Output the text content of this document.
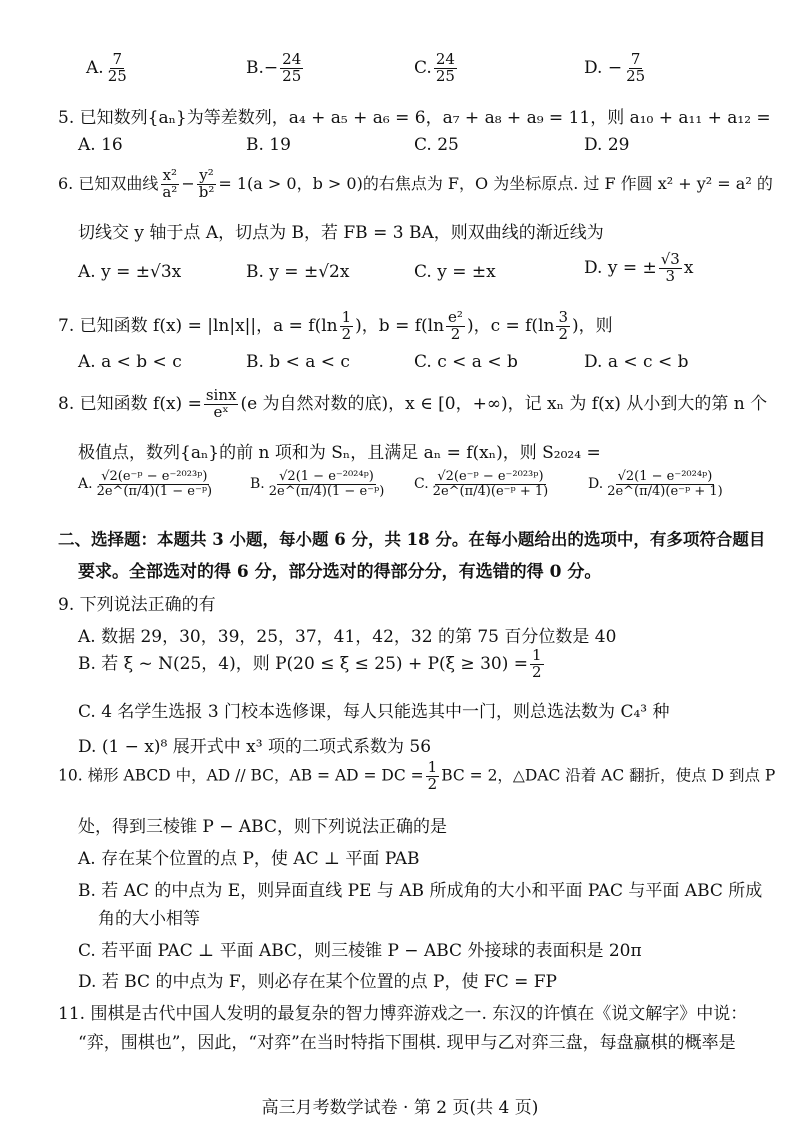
A. $\frac{7}{25}$	$B.- \frac{24}{25}$	C. $\frac{24}{25}$	D. − $\frac{7}{25}$
5. 已知数列{aₙ}为等差数列，a₄ + a₅ + a₆ = 6，a₇ + a₈ + a₉ = 11，则 a₁₀ + a₁₁ + a₁₂ =
A. 16	B. 19	C. 25	D. 29
6. 已知双曲线 $\frac{\text{x²}}{\text{a²}} - \frac{\text{y²}}{\text{b²}} = 1(a > 0$，b > 0)的右焦点为 F，O 为坐标原点. 过 F 作圆 x² + y² = a² 的
切线交 y 轴于点 A，切点为 B，若 FB = 3 BA，则双曲线的渐近线为
A. y = ±√3x	B. y = ±√2x	C. y = ±x	D. y = ± $\frac{√3}{3}$ x
7. 已知函数 f(x) = |ln|x||，$a = f(\ln \frac{1}{2}$ )，$b = f(\ln \frac{\text{e²}}{2}$ )，$c = f(\ln \frac{3}{2}$ )，则
A. a < b < c	B. b < a < c	C. c < a < b	D. a < c < b
8. 已知函数 $f(x) = \frac{\sin x}{\text{eˣ}} (e$ 为自然对数的底)，x ∈ [0，+∞)，记 xₙ 为 f(x) 从小到大的第 n 个
极值点，数列{aₙ}的前 n 项和为 Sₙ，且满足 aₙ = f(xₙ)，则 S₂₀₂₄ =
A. $\frac{\text{√2(e⁻ᵖ − e⁻²⁰²³ᵖ)}}{\text{2e\textasciicircum{}(π/4)(1 − e⁻ᵖ)}}$	B. $\frac{\text{√2(1 − e⁻²⁰²⁴ᵖ)}}{\text{2e\textasciicircum{}(π/4)(1 − e⁻ᵖ)}} C$. $\frac{\text{√2(e⁻ᵖ − e⁻²⁰²³ᵖ)}}{\text{2e\textasciicircum{}(π/4)(e⁻ᵖ + 1)}}$	D. $\frac{\text{√2(1 − e⁻²⁰²⁴ᵖ)}}{\text{2e\textasciicircum{}(π/4)(e⁻ᵖ + 1)}}$
二、选择题：本题共 3 小题，每小题 6 分，共 18 分。在每小题给出的选项中，有多项符合题目
要求。全部选对的得 6 分，部分选对的得部分分，有选错的得 0 分。
9. 下列说法正确的有
A. 数据 29，30，39，25，37，41，42，32 的第 75 百分位数是 40
B. 若 ξ ~ N(25，4)，则 $P(20 \le \xi \le 25) + P(\xi \ge 30) = \frac{1}{2}$
C. 4 名学生选报 3 门校本选修课，每人只能选其中一门，则总选法数为 C₄³ 种
D. (1 − x)⁸ 展开式中 x³ 项的二项式系数为 56
10. 梯形 ABCD 中，AD // BC，AB = AD = DC = $\frac{1}{2}$ BC = 2，△DAC 沿着 AC 翻折，使点 D 到点 P
处，得到三棱锥 P − ABC，则下列说法正确的是
A. 存在某个位置的点 P，使 AC ⊥ 平面 PAB
B. 若 AC 的中点为 E，则异面直线 PE 与 AB 所成角的大小和平面 PAC 与平面 ABC 所成
角的大小相等
C. 若平面 PAC ⊥ 平面 ABC，则三棱锥 P − ABC 外接球的表面积是 20π
D. 若 BC 的中点为 F，则必存在某个位置的点 P，使 FC = FP
11. 围棋是古代中国人发明的最复杂的智力博弈游戏之一. 东汉的许慎在《说文解字》中说：
“弈，围棋也”，因此，“对弈”在当时特指下围棋. 现甲与乙对弈三盘，每盘赢棋的概率是
高三月考数学试卷 · 第 2 页(共 4 页)
